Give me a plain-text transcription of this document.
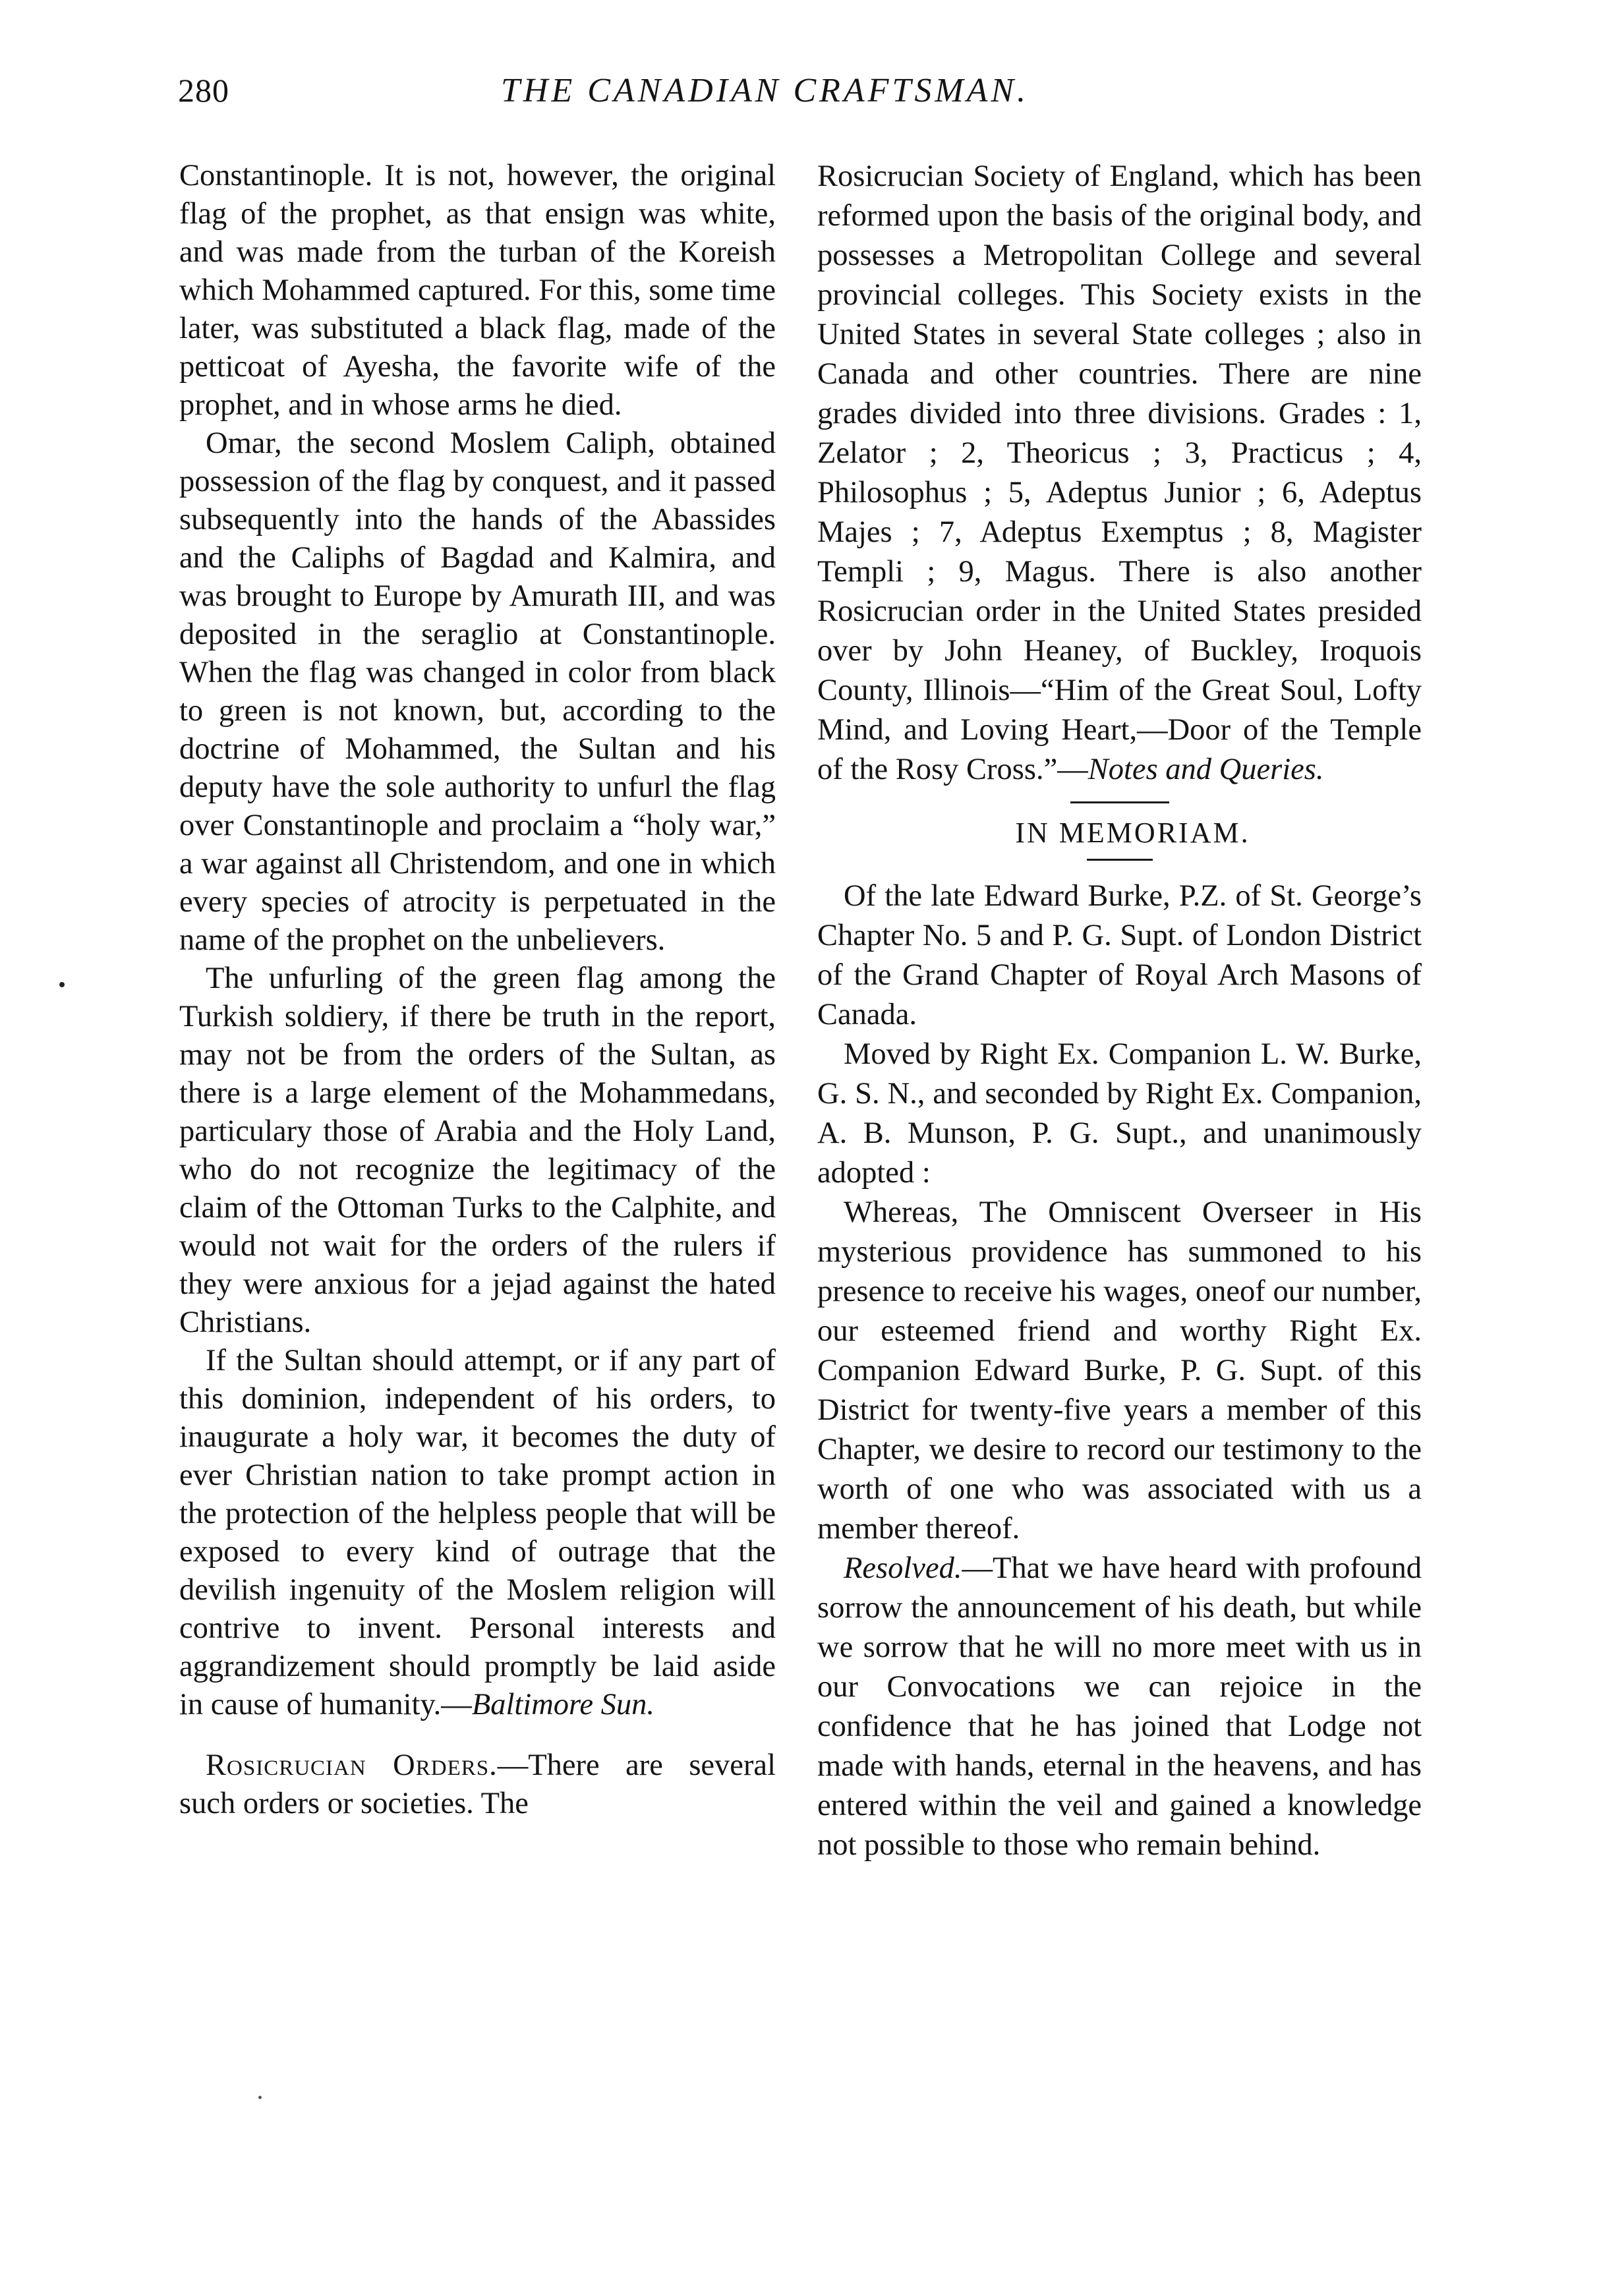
280	THE CANADIAN CRAFTSMAN.

Constantinople. It is not, however, the original flag of the prophet, as that ensign was white, and was made from the turban of the Koreish which Mohammed captured. For this, some time later, was substituted a black flag, made of the petticoat of Ayesha, the favorite wife of the prophet, and in whose arms he died.

Omar, the second Moslem Caliph, obtained possession of the flag by conquest, and it passed subsequently into the hands of the Abassides and the Caliphs of Bagdad and Kalmira, and was brought to Europe by Amurath III, and was deposited in the seraglio at Constantinople. When the flag was changed in color from black to green is not known, but, according to the doctrine of Mohammed, the Sultan and his deputy have the sole authority to unfurl the flag over Constantinople and proclaim a “holy war,” a war against all Christendom, and one in which every species of atrocity is perpetuated in the name of the prophet on the unbelievers.

The unfurling of the green flag among the Turkish soldiery, if there be truth in the report, may not be from the orders of the Sultan, as there is a large element of the Mohammedans, particulary those of Arabia and the Holy Land, who do not recognize the legitimacy of the claim of the Ottoman Turks to the Calphite, and would not wait for the orders of the rulers if they were anxious for a jejad against the hated Christians.

If the Sultan should attempt, or if any part of this dominion, independent of his orders, to inaugurate a holy war, it becomes the duty of ever Christian nation to take prompt action in the protection of the helpless people that will be exposed to every kind of outrage that the devilish ingenuity of the Moslem religion will contrive to invent. Personal interests and aggrandizement should promptly be laid aside in cause of humanity.—Baltimore Sun.

Rosicrucian Orders.—There are several such orders or societies. The

Rosicrucian Society of England, which has been reformed upon the basis of the original body, and possesses a Metropolitan College and several provincial colleges. This Society exists in the United States in several State colleges ; also in Canada and other countries. There are nine grades divided into three divisions. Grades : 1, Zelator ; 2, Theoricus ; 3, Practicus ; 4, Philosophus ; 5, Adeptus Junior ; 6, Adeptus Majes ; 7, Adeptus Exemptus ; 8, Magister Templi ; 9, Magus. There is also another Rosicrucian order in the United States presided over by John Heaney, of Buckley, Iroquois County, Illinois—“Him of the Great Soul, Lofty Mind, and Loving Heart,—Door of the Temple of the Rosy Cross.”—Notes and Queries.

IN MEMORIAM.

Of the late Edward Burke, P.Z. of St. George’s Chapter No. 5 and P. G. Supt. of London District of the Grand Chapter of Royal Arch Masons of Canada.

Moved by Right Ex. Companion L. W. Burke, G. S. N., and seconded by Right Ex. Companion, A. B. Munson, P. G. Supt., and unanimously adopted :

Whereas, The Omniscent Overseer in His mysterious providence has summoned to his presence to receive his wages, oneof our number, our esteemed friend and worthy Right Ex. Companion Edward Burke, P. G. Supt. of this District for twenty-five years a member of this Chapter, we desire to record our testimony to the worth of one who was associated with us a member thereof.

Resolved.—That we have heard with profound sorrow the announcement of his death, but while we sorrow that he will no more meet with us in our Convocations we can rejoice in the confidence that he has joined that Lodge not made with hands, eternal in the heavens, and has entered within the veil and gained a knowledge not possible to those who remain behind.
